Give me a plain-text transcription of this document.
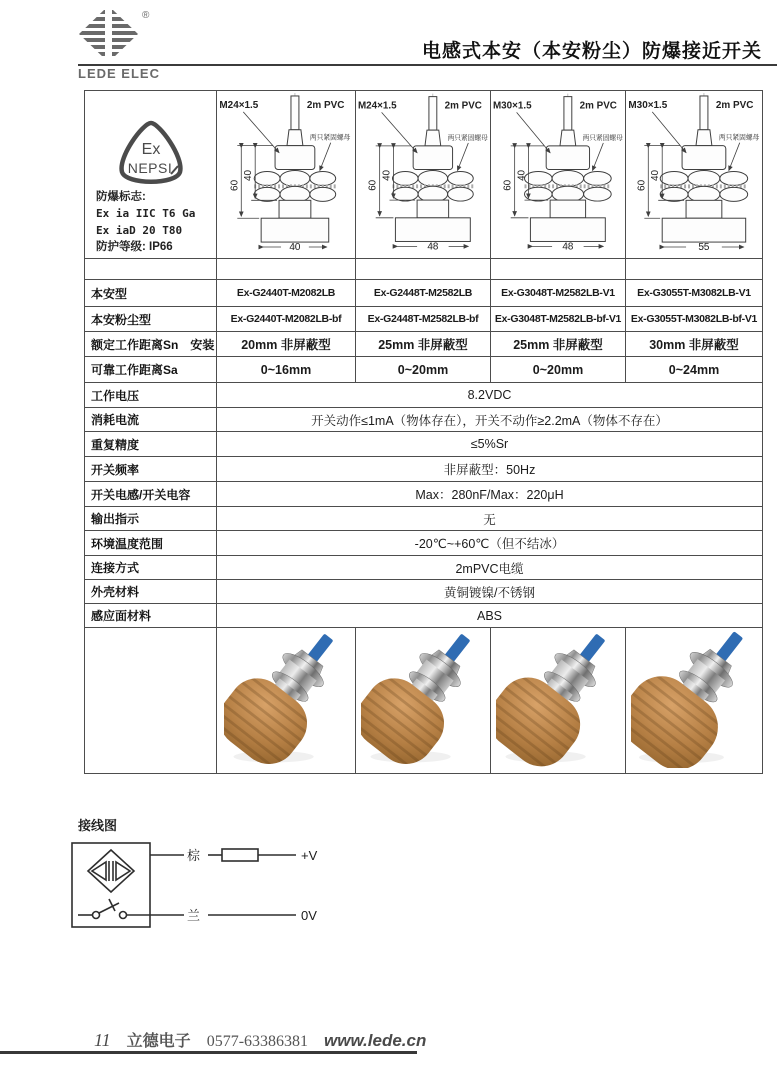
®
LEDE ELEC
电感式本安（本安粉尘）防爆接近开关
Ex
NEPSI
防爆标志:
Ex ia IIC T6 Ga
Ex iaD 20 T80
防护等级: IP66

M24×1.5	2m PVC
两只紧固螺母
60
40
40

M24×1.5	2m PVC
两只紧固螺母
60
40
48

M30×1.5	2m PVC
两只紧固螺母
60
40
48

M30×1.5	2m PVC
两只紧固螺母
60
40
55

本安型	Ex-G2440T-M2082LB	Ex-G2448T-M2582LB	Ex-G3048T-M2582LB-V1	Ex-G3055T-M3082LB-V1
本安粉尘型	Ex-G2440T-M2082LB-bf	Ex-G2448T-M2582LB-bf	Ex-G3048T-M2582LB-bf-V1	Ex-G3055T-M3082LB-bf-V1
额定工作距离Sn　安装	20mm 非屏蔽型	25mm 非屏蔽型	25mm 非屏蔽型	30mm 非屏蔽型
可靠工作距离Sa	0~16mm	0~20mm	0~20mm	0~24mm
工作电压	8.2VDC			
消耗电流	开关动作≤1mA（物体存在），开关不动作≥2.2mA（物体不存在）			
重复精度	≤5%Sr			
开关频率	非屏蔽型：50Hz			
开关电感/开关电容	Max：280nF/Max：220μH			
输出指示	无			
环境温度范围	-20℃~+60℃（但不结冰）			
连接方式	2mPVC电缆			
外壳材料	黄铜镀镍/不锈钢			
感应面材料	ABS			

接线图
棕	+V
兰	0V
11 立德电子 0577-63386381 www.lede.cn
